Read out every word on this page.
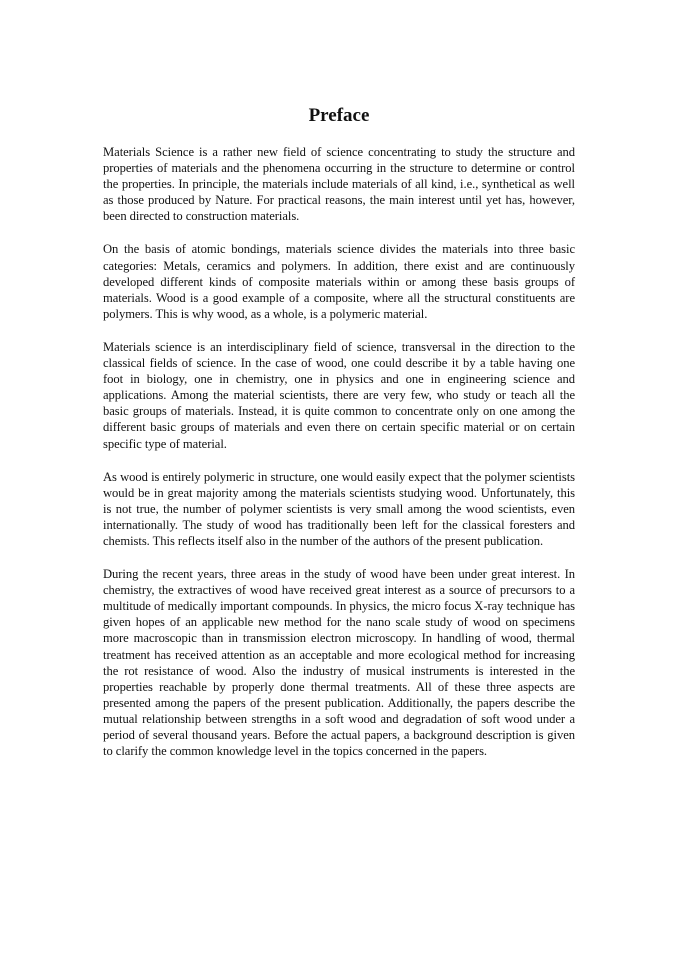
Preface

Materials Science is a rather new field of science concentrating to study the structure and properties of materials and the phenomena occurring in the structure to determine or control the properties. In principle, the materials include materials of all kind, i.e., synthetical as well as those produced by Nature. For practical reasons, the main interest until yet has, however, been directed to construction materials.

On the basis of atomic bondings, materials science divides the materials into three basic categories: Metals, ceramics and polymers. In addition, there exist and are continuously developed different kinds of composite materials within or among these basis groups of materials. Wood is a good example of a composite, where all the structural constituents are polymers. This is why wood, as a whole, is a polymeric material.

Materials science is an interdisciplinary field of science, transversal in the direction to the classical fields of science. In the case of wood, one could describe it by a table having one foot in biology, one in chemistry, one in physics and one in engineering science and applications. Among the material scientists, there are very few, who study or teach all the basic groups of materials. Instead, it is quite common to concentrate only on one among the different basic groups of materials and even there on certain specific material or on certain specific type of material.

As wood is entirely polymeric in structure, one would easily expect that the polymer scientists would be in great majority among the materials scientists studying wood. Unfortunately, this is not true, the number of polymer scientists is very small among the wood scientists, even internationally. The study of wood has traditionally been left for the classical foresters and chemists. This reflects itself also in the number of the authors of the present publication.

During the recent years, three areas in the study of wood have been under great interest. In chemistry, the extractives of wood have received great interest as a source of precursors to a multitude of medically important compounds. In physics, the micro focus X-ray technique has given hopes of an applicable new method for the nano scale study of wood on specimens more macroscopic than in transmission electron microscopy. In handling of wood, thermal treatment has received attention as an acceptable and more ecological method for increasing the rot resistance of wood. Also the industry of musical instruments is interested in the properties reachable by properly done thermal treatments. All of these three aspects are presented among the papers of the present publication. Additionally, the papers describe the mutual relationship between strengths in a soft wood and degradation of soft wood under a period of several thousand years. Before the actual papers, a background description is given to clarify the common knowledge level in the topics concerned in the papers.
